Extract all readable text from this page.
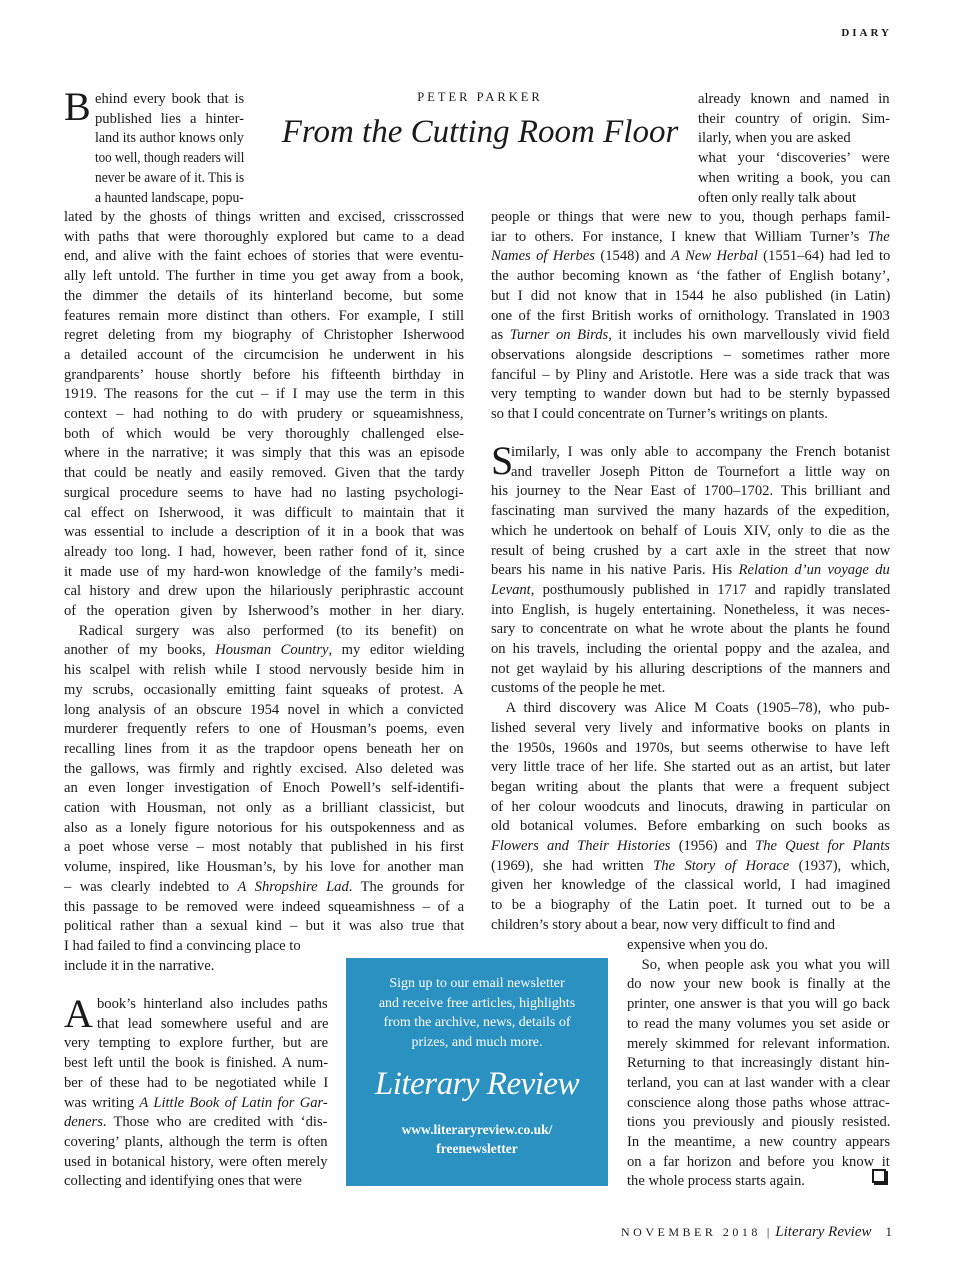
DIARY
PETER PARKER
From the Cutting Room Floor
B
A
S
ehind every book that is
published lies a hinter-
land its author knows only
too well, though readers will
never be aware of it. This is
a haunted landscape, popu-
lated by the ghosts of things written and excised, crisscrossed
with paths that were thoroughly explored but came to a dead
end, and alive with the faint echoes of stories that were eventu-
ally left untold. The further in time you get away from a book,
the dimmer the details of its hinterland become, but some
features remain more distinct than others. For example, I still
regret deleting from my biography of Christopher Isherwood
a detailed account of the circumcision he underwent in his
grandparents’ house shortly before his fifteenth birthday in
1919. The reasons for the cut – if I may use the term in this
context – had nothing to do with prudery or squeamishness,
both of which would be very thoroughly challenged else-
where in the narrative; it was simply that this was an episode
that could be neatly and easily removed. Given that the tardy
surgical procedure seems to have had no lasting psychologi-
cal effect on Isherwood, it was difficult to maintain that it
was essential to include a description of it in a book that was
already too long. I had, however, been rather fond of it, since
it made use of my hard-won knowledge of the family’s medi-
cal history and drew upon the hilariously periphrastic account
of the operation given by Isherwood’s mother in her diary.
 Radical surgery was also performed (to its benefit) on
another of my books, Housman Country, my editor wielding
his scalpel with relish while I stood nervously beside him in
my scrubs, occasionally emitting faint squeaks of protest. A
long analysis of an obscure 1954 novel in which a convicted
murderer frequently refers to one of Housman’s poems, even
recalling lines from it as the trapdoor opens beneath her on
the gallows, was firmly and rightly excised. Also deleted was
an even longer investigation of Enoch Powell’s self-identifi-
cation with Housman, not only as a brilliant classicist, but
also as a lonely figure notorious for his outspokenness and as
a poet whose verse – most notably that published in his first
volume, inspired, like Housman’s, by his love for another man
– was clearly indebted to A Shropshire Lad. The grounds for
this passage to be removed were indeed squeamishness – of a
political rather than a sexual kind – but it was also true that
I had failed to find a convincing place to
include it in the narrative.
book’s hinterland also includes paths
that lead somewhere useful and are
very tempting to explore further, but are
best left until the book is finished. A num-
ber of these had to be negotiated while I
was writing A Little Book of Latin for Gar-
deners. Those who are credited with ‘dis-
covering’ plants, although the term is often
used in botanical history, were often merely
collecting and identifying ones that were
already known and named in
their country of origin. Sim-
ilarly, when you are asked
what your ‘discoveries’ were
when writing a book, you can
often only really talk about
people or things that were new to you, though perhaps famil-
iar to others. For instance, I knew that William Turner’s The
Names of Herbes (1548) and A New Herbal (1551–64) had led to
the author becoming known as ‘the father of English botany’,
but I did not know that in 1544 he also published (in Latin)
one of the first British works of ornithology. Translated in 1903
as Turner on Birds, it includes his own marvellously vivid field
observations alongside descriptions – sometimes rather more
fanciful – by Pliny and Aristotle. Here was a side track that was
very tempting to wander down but had to be sternly bypassed
so that I could concentrate on Turner’s writings on plants.
imilarly, I was only able to accompany the French botanist
and traveller Joseph Pitton de Tournefort a little way on
his journey to the Near East of 1700–1702. This brilliant and
fascinating man survived the many hazards of the expedition,
which he undertook on behalf of Louis XIV, only to die as the
result of being crushed by a cart axle in the street that now
bears his name in his native Paris. His Relation d’un voyage du
Levant, posthumously published in 1717 and rapidly translated
into English, is hugely entertaining. Nonetheless, it was neces-
sary to concentrate on what he wrote about the plants he found
on his travels, including the oriental poppy and the azalea, and
not get waylaid by his alluring descriptions of the manners and
customs of the people he met.
 A third discovery was Alice M Coats (1905–78), who pub-
lished several very lively and informative books on plants in
the 1950s, 1960s and 1970s, but seems otherwise to have left
very little trace of her life. She started out as an artist, but later
began writing about the plants that were a frequent subject
of her colour woodcuts and linocuts, drawing in particular on
old botanical volumes. Before embarking on such books as
Flowers and Their Histories (1956) and The Quest for Plants
(1969), she had written The Story of Horace (1937), which,
given her knowledge of the classical world, I had imagined
to be a biography of the Latin poet. It turned out to be a
children’s story about a bear, now very difficult to find and
expensive when you do.
 So, when people ask you what you will
do now your new book is finally at the
printer, one answer is that you will go back
to read the many volumes you set aside or
merely skimmed for relevant information.
Returning to that increasingly distant hin-
terland, you can at last wander with a clear
conscience along those paths whose attrac-
tions you previously and piously resisted.
In the meantime, a new country appears
on a far horizon and before you know it
the whole process starts again.
Sign up to our email newsletter
and receive free articles, highlights
from the archive, news, details of
prizes, and much more.
Literary Review
www.literaryreview.co.uk/
freenewsletter
NOVEMBER 2018 | Literary Review 1
